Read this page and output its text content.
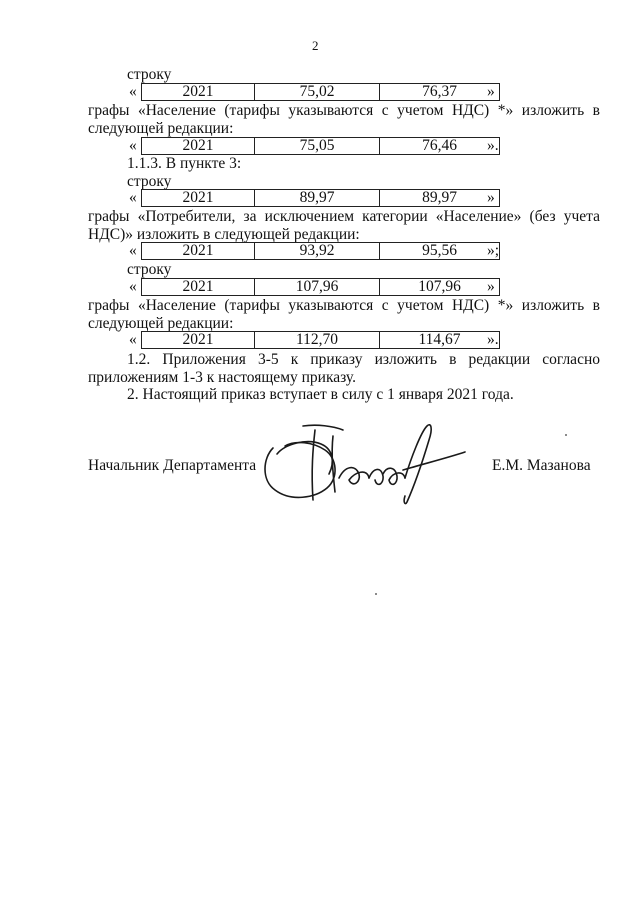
2
строку
«	2021	75,02	76,37 »
графы «Население (тарифы указываются с учетом НДС) *» изложить в
следующей редакции:
«	2021	75,05	76,46 ».
1.1.3. В пункте 3:
строку
«	2021	89,97	89,97 »
графы «Потребители, за исключением категории «Население» (без учета
НДС)» изложить в следующей редакции:
«	2021	93,92	95,56 »;
строку
«	2021	107,96	107,96 »
графы «Население (тарифы указываются с учетом НДС) *» изложить в
следующей редакции:
«	2021	112,70	114,67 ».
1.2. Приложения 3-5 к приказу изложить в редакции согласно
приложениям 1-3 к настоящему приказу.
2. Настоящий приказ вступает в силу с 1 января 2021 года.
Начальник Департамента	Е.М. Мазанова
